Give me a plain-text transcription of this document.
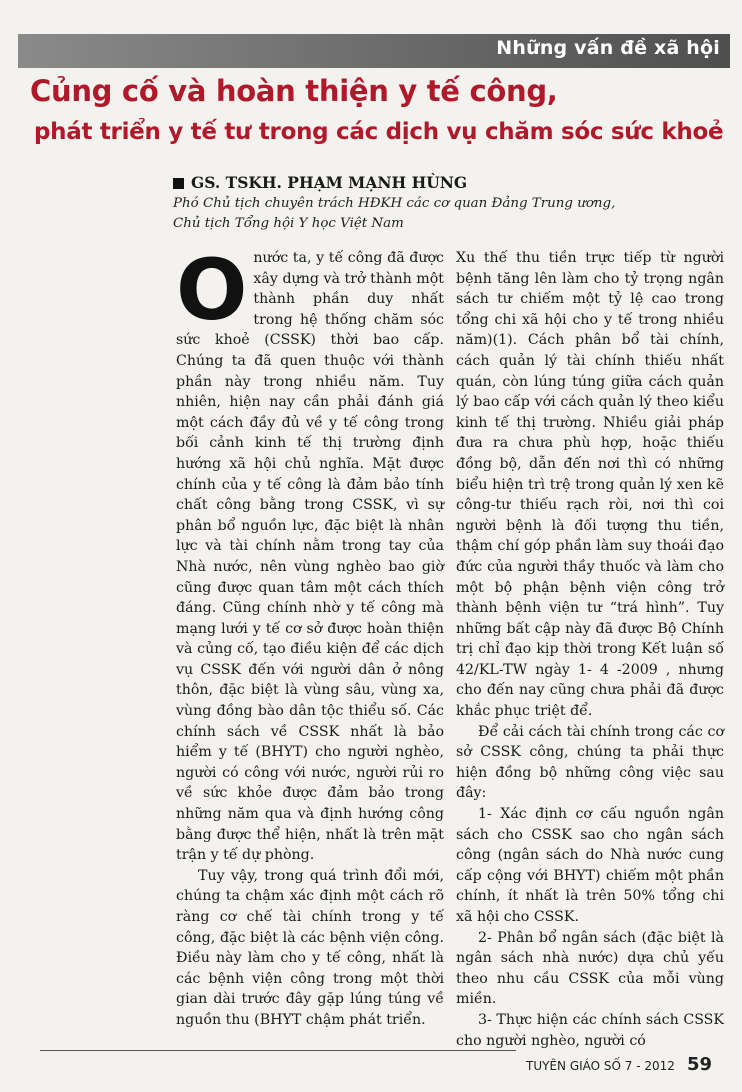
Những vấn đề xã hội
Củng cố và hoàn thiện y tế công,
phát triển y tế tư trong các dịch vụ chăm sóc sức khoẻ
GS. TSKH. PHẠM MẠNH HÙNG
Phó Chủ tịch chuyên trách HĐKH các cơ quan Đảng Trung ương,
Chủ tịch Tổng hội Y học Việt Nam

Onước ta, y tế công đã được xây dựng và trở thành một thành phần duy nhất trong hệ thống chăm sóc sức khoẻ (CSSK) thời bao cấp. Chúng ta đã quen thuộc với thành phần này trong nhiều năm. Tuy nhiên, hiện nay cần phải đánh giá một cách đầy đủ về y tế công trong bối cảnh kinh tế thị trường định hướng xã hội chủ nghĩa. Mặt được chính của y tế công là đảm bảo tính chất công bằng trong CSSK, vì sự phân bổ nguồn lực, đặc biệt là nhân lực và tài chính nằm trong tay của Nhà nước, nên vùng nghèo bao giờ cũng được quan tâm một cách thích đáng. Cũng chính nhờ y tế công mà mạng lưới y tế cơ sở được hoàn thiện và củng cố, tạo điều kiện để các dịch vụ CSSK đến với người dân ở nông thôn, đặc biệt là vùng sâu, vùng xa, vùng đồng bào dân tộc thiểu số. Các chính sách về CSSK nhất là bảo hiểm y tế (BHYT) cho người nghèo, người có công với nước, người rủi ro về sức khỏe được đảm bảo trong những năm qua và định hướng công bằng được thể hiện, nhất là trên mặt trận y tế dự phòng.

Tuy vậy, trong quá trình đổi mới, chúng ta chậm xác định một cách rõ ràng cơ chế tài chính trong y tế công, đặc biệt là các bệnh viện công. Điều này làm cho y tế công, nhất là các bệnh viện công trong một thời gian dài trước đây gặp lúng túng về nguồn thu (BHYT chậm phát triển.

Xu thế thu tiền trực tiếp từ người bệnh tăng lên làm cho tỷ trọng ngân sách tư chiếm một tỷ lệ cao trong tổng chi xã hội cho y tế trong nhiều năm)(1). Cách phân bổ tài chính, cách quản lý tài chính thiếu nhất quán, còn lúng túng giữa cách quản lý bao cấp với cách quản lý theo kiểu kinh tế thị trường. Nhiều giải pháp đưa ra chưa phù hợp, hoặc thiếu đồng bộ, dẫn đến nơi thì có những biểu hiện trì trệ trong quản lý xen kẽ công-tư thiếu rạch ròi, nơi thì coi người bệnh là đối tượng thu tiền, thậm chí góp phần làm suy thoái đạo đức của người thầy thuốc và làm cho một bộ phận bệnh viện công trở thành bệnh viện tư “trá hình”. Tuy những bất cập này đã được Bộ Chính trị chỉ đạo kịp thời trong Kết luận số 42/KL-TW ngày 1- 4 -2009 , nhưng cho đến nay cũng chưa phải đã được khắc phục triệt để.

Để cải cách tài chính trong các cơ sở CSSK công, chúng ta phải thực hiện đồng bộ những công việc sau đây:

1- Xác định cơ cấu nguồn ngân sách cho CSSK sao cho ngân sách công (ngân sách do Nhà nước cung cấp cộng với BHYT) chiếm một phần chính, ít nhất là trên 50% tổng chi xã hội cho CSSK.

2- Phân bổ ngân sách (đặc biệt là ngân sách nhà nước) dựa chủ yếu theo nhu cầu CSSK của mỗi vùng miền.

3- Thực hiện các chính sách CSSK cho người nghèo, người có

TUYÊN GIÁO SỐ 7 - 2012 59
